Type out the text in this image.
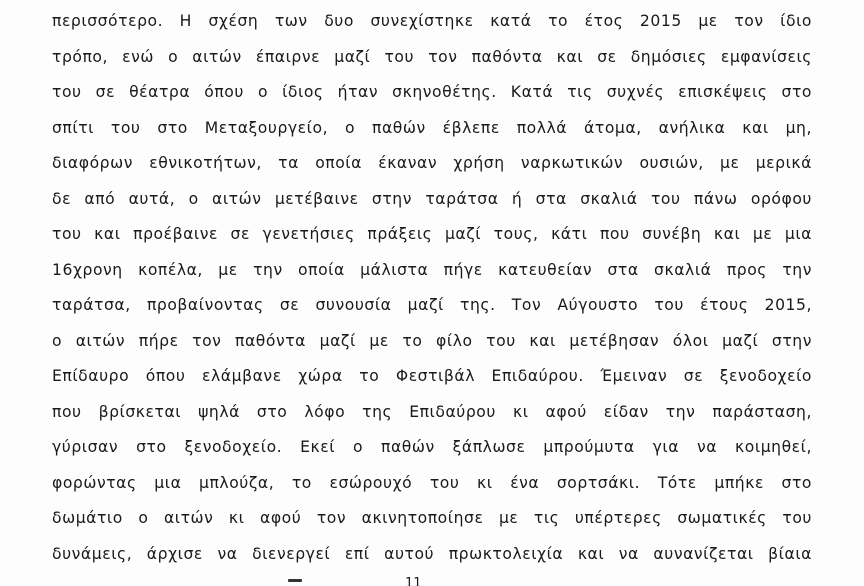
περισσότερο. Η σχέση των δυο συνεχίστηκε κατά το έτος 2015 με τον ίδιο
τρόπο, ενώ ο αιτών έπαιρνε μαζί του τον παθόντα και σε δημόσιες εμφανίσεις
του σε θέατρα όπου ο ίδιος ήταν σκηνοθέτης. Κατά τις συχνές επισκέψεις στο
σπίτι του στο Μεταξουργείο, ο παθών έβλεπε πολλά άτομα, ανήλικα και μη,
διαφόρων εθνικοτήτων, τα οποία έκαναν χρήση ναρκωτικών ουσιών, με μερικά
δε από αυτά, ο αιτών μετέβαινε στην ταράτσα ή στα σκαλιά του πάνω ορόφου
του και προέβαινε σε γενετήσιες πράξεις μαζί τους, κάτι που συνέβη και με μια
16χρονη κοπέλα, με την οποία μάλιστα πήγε κατευθείαν στα σκαλιά προς την
ταράτσα, προβαίνοντας σε συνουσία μαζί της. Τον Αύγουστο του έτους 2015,
ο αιτών πήρε τον παθόντα μαζί με το φίλο του και μετέβησαν όλοι μαζί στην
Επίδαυρο όπου ελάμβανε χώρα το Φεστιβάλ Επιδαύρου. Έμειναν σε ξενοδοχείο
που βρίσκεται ψηλά στο λόφο της Επιδαύρου κι αφού είδαν την παράσταση,
γύρισαν στο ξενοδοχείο. Εκεί ο παθών ξάπλωσε μπρούμυτα για να κοιμηθεί,
φορώντας μια μπλούζα, το εσώρουχό του κι ένα σορτσάκι. Τότε μπήκε στο
δωμάτιο ο αιτών κι αφού τον ακινητοποίησε με τις υπέρτερες σωματικές του
δυνάμεις, άρχισε να διενεργεί επί αυτού πρωκτολειχία και να αυνανίζεται βίαια
11
